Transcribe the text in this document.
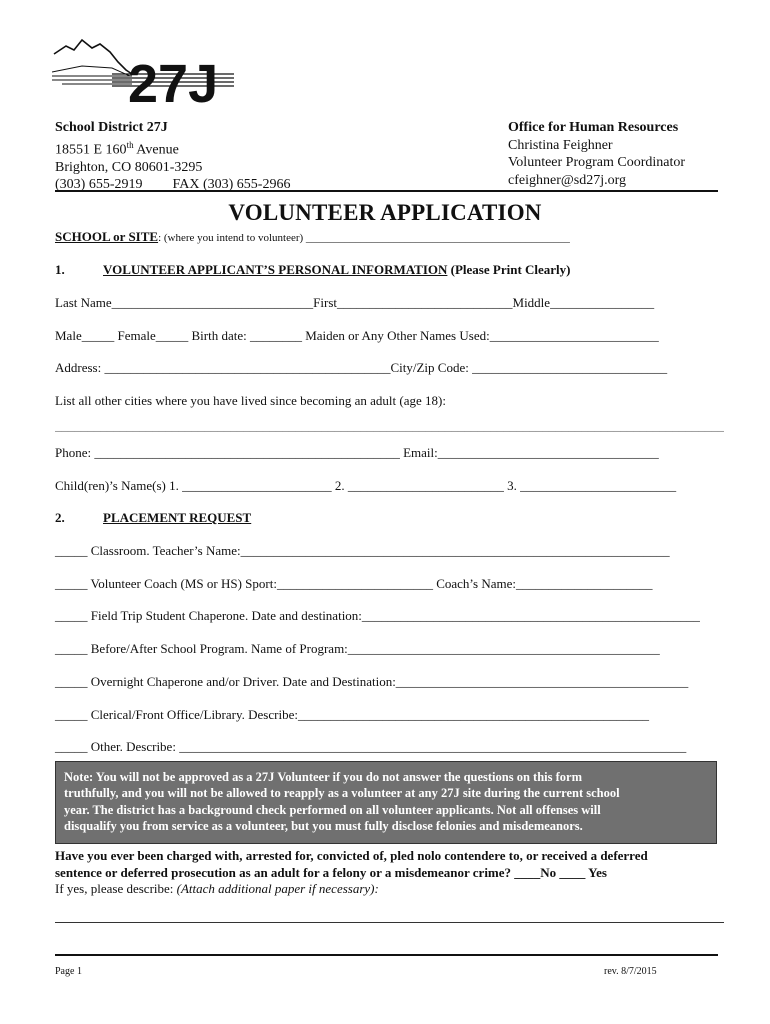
27J
School District 27J
18551 E 160th Avenue
Brighton, CO 80601-3295
(303) 655-2919 FAX (303) 655-2966
Office for Human Resources
Christina Feighner
Volunteer Program Coordinator
cfeighner@sd27j.org
VOLUNTEER APPLICATION
SCHOOL or SITE: (where you intend to volunteer) ________________________________________________
1.	VOLUNTEER APPLICANT’S PERSONAL INFORMATION (Please Print Clearly)
Last Name_______________________________First___________________________Middle________________
Male_____ Female_____ Birth date: ________ Maiden or Any Other Names Used:__________________________
Address: ____________________________________________City/Zip Code: ______________________________
List all other cities where you have lived since becoming an adult (age 18):
_______________________________________________________________________________________________________
Phone: _______________________________________________ Email:__________________________________
Child(ren)’s Name(s) 1. _______________________ 2. ________________________ 3. ________________________
2.	PLACEMENT REQUEST
_____ Classroom. Teacher’s Name:__________________________________________________________________
_____ Volunteer Coach (MS or HS) Sport:________________________ Coach’s Name:_____________________
_____ Field Trip Student Chaperone. Date and destination:____________________________________________________
_____ Before/After School Program. Name of Program:________________________________________________
_____ Overnight Chaperone and/or Driver. Date and Destination:_____________________________________________
_____ Clerical/Front Office/Library. Describe:______________________________________________________
_____ Other. Describe: ______________________________________________________________________________
Note: You will not be approved as a 27J Volunteer if you do not answer the questions on this form
truthfully, and you will not be allowed to reapply as a volunteer at any 27J site during the current school
year. The district has a background check performed on all volunteer applicants. Not all offenses will
disqualify you from service as a volunteer, but you must fully disclose felonies and misdemeanors.
Have you ever been charged with, arrested for, convicted of, pled nolo contendere to, or received a deferred
sentence or deferred prosecution as an adult for a felony or a misdemeanor crime? ____No ____ Yes
If yes, please describe: (Attach additional paper if necessary):
Page 1	rev. 8/7/2015
